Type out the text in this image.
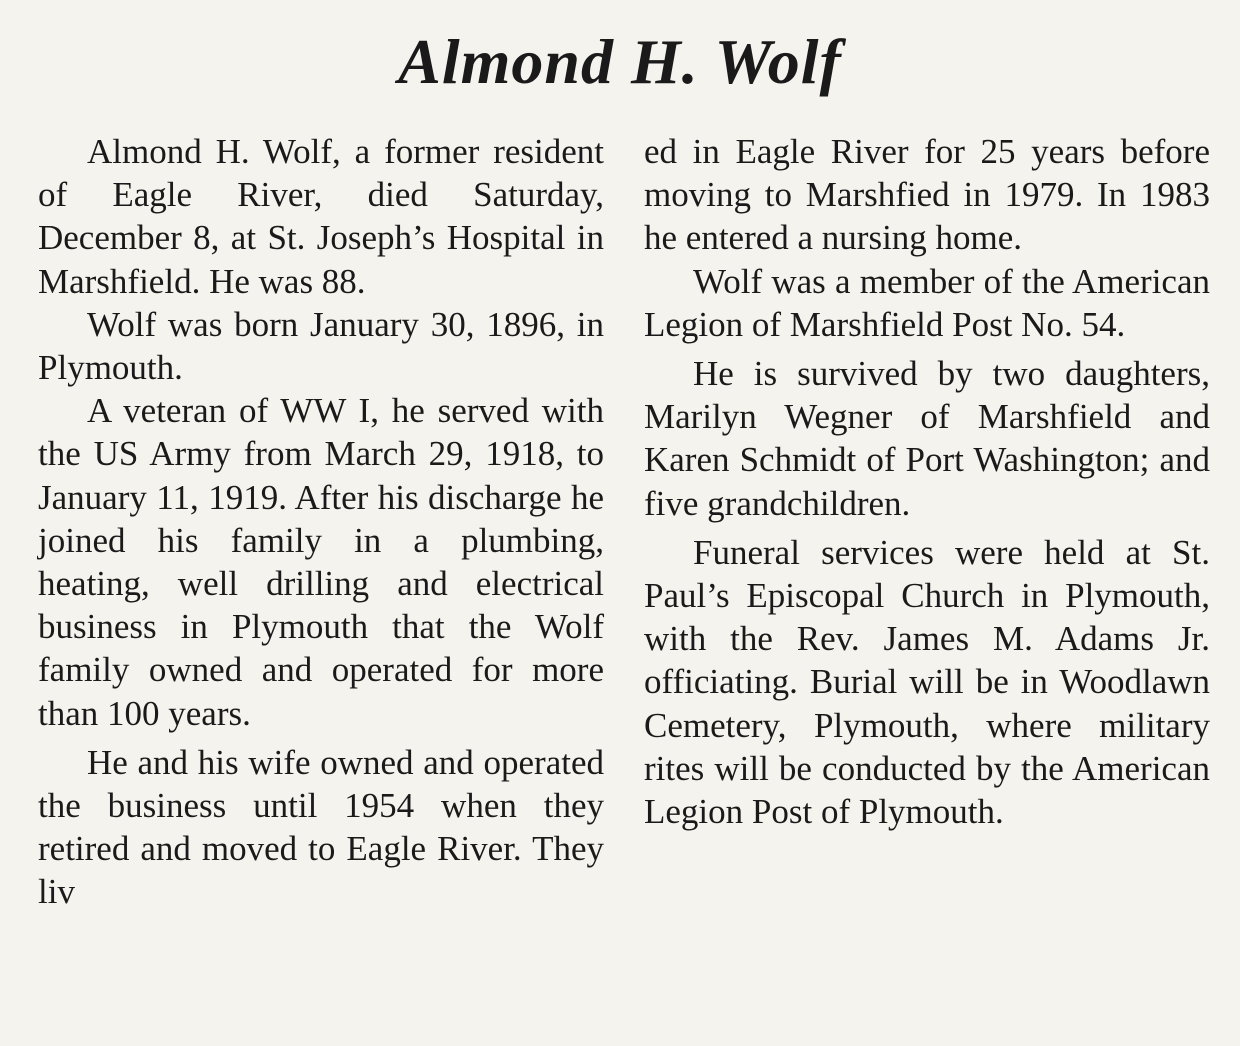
Almond H. Wolf

Almond H. Wolf, a former resident of Eagle River, died Saturday, December 8, at St. Joseph’s Hospital in Marshfield. He was 88.

Wolf was born January 30, 1896, in Plymouth.

A veteran of WW I, he served with the US Army from March 29, 1918, to January 11, 1919. After his discharge he joined his family in a plumbing, heating, well drilling and electrical business in Plymouth that the Wolf family owned and operated for more than 100 years.

He and his wife owned and operated the business until 1954 when they retired and moved to Eagle River. They liv

ed in Eagle River for 25 years before moving to Marshfied in 1979. In 1983 he entered a nursing home.

Wolf was a member of the American Legion of Marshfield Post No. 54.

He is survived by two daughters, Marilyn Wegner of Marshfield and Karen Schmidt of Port Washington; and five grandchildren.

Funeral services were held at St. Paul’s Episcopal Church in Plymouth, with the Rev. James M. Adams Jr. officiating. Burial will be in Woodlawn Cemetery, Plymouth, where military rites will be conducted by the American Legion Post of Plymouth.
